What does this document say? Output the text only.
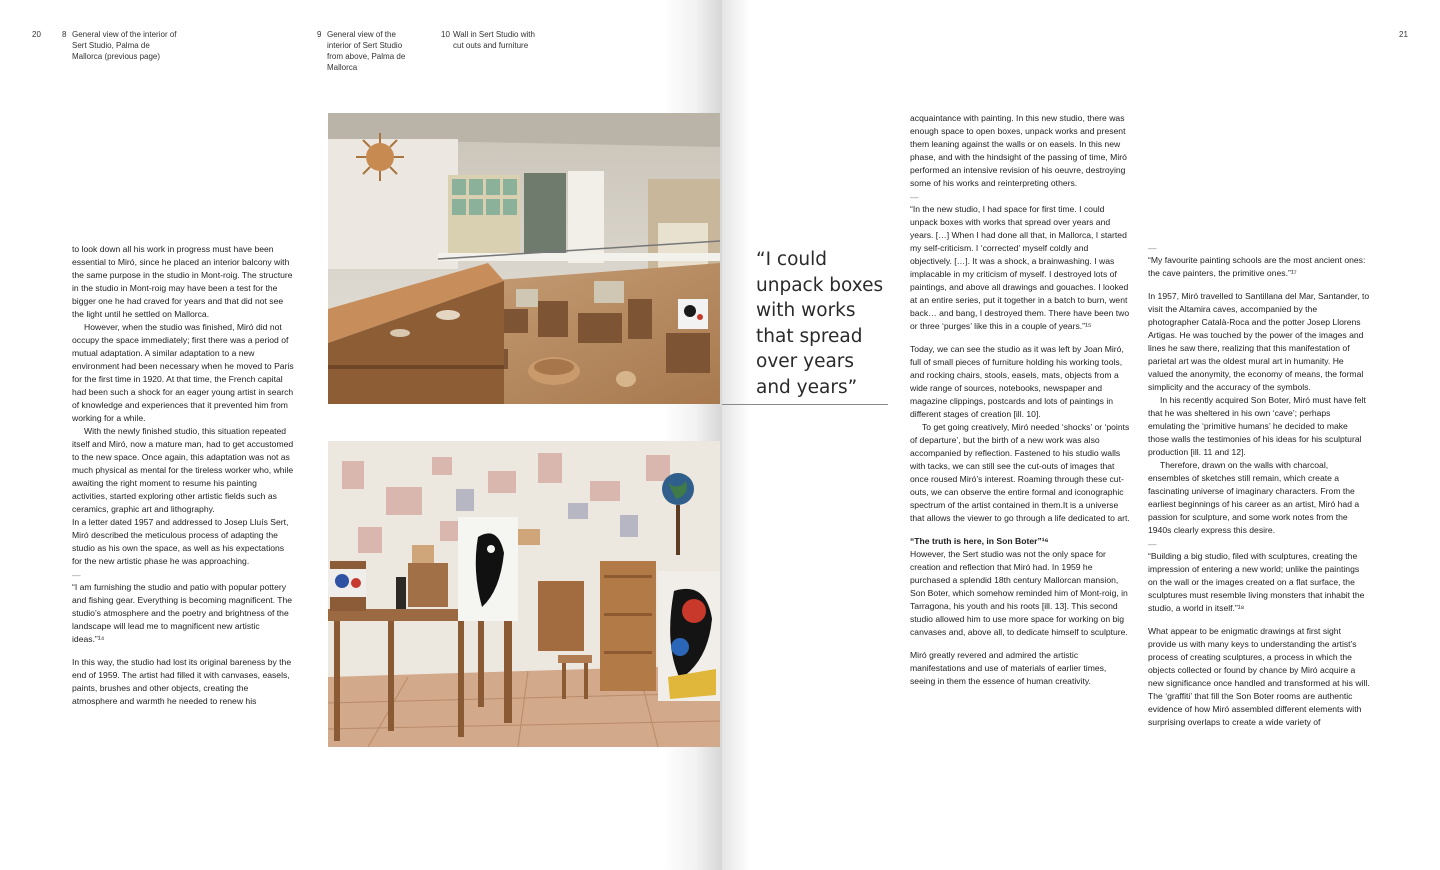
20	21
8 General view of the interior of Sert Studio, Palma de Mallorca (previous page)
9 General view of the interior of Sert Studio from above, Palma de Mallorca
10 Wall in Sert Studio with cut outs and furniture

to look down all his work in progress must have been essential to Miró, since he placed an interior balcony with the same purpose in the studio in Mont-roig. The structure in the studio in Mont-roig may have been a test for the bigger one he had craved for years and that did not see the light until he settled on Mallorca.

However, when the studio was finished, Miró did not occupy the space immediately; first there was a period of mutual adaptation. A similar adaptation to a new environment had been necessary when he moved to Paris for the first time in 1920. At that time, the French capital had been such a shock for an eager young artist in search of knowledge and experiences that it prevented him from working for a while.

With the newly finished studio, this situation repeated itself and Miró, now a mature man, had to get accustomed to the new space. Once again, this adaptation was not as much physical as mental for the tireless worker who, while awaiting the right moment to resume his painting activities, started exploring other artistic fields such as ceramics, graphic art and lithography.

In a letter dated 1957 and addressed to Josep Lluís Sert, Miró described the meticulous process of adapting the studio as his own the space, as well as his expectations for the new artistic phase he was approaching.

—

“I am furnishing the studio and patio with popular pottery and fishing gear. Everything is becoming magnificent. The studio’s atmosphere and the poetry and brightness of the landscape will lead me to magnificent new artistic ideas.”¹⁴

In this way, the studio had lost its original bareness by the end of 1959. The artist had filled it with canvases, easels, paints, brushes and other objects, creating the atmosphere and warmth he needed to renew his

“I could unpack boxes with works that spread over years and years”

acquaintance with painting. In this new studio, there was enough space to open boxes, unpack works and present them leaning against the walls or on easels. In this new phase, and with the hindsight of the passing of time, Miró performed an intensive revision of his oeuvre, destroying some of his works and reinterpreting others.

—

“In the new studio, I had space for first time. I could unpack boxes with works that spread over years and years. […] When I had done all that, in Mallorca, I started my self-criticism. I ‘corrected’ myself coldly and objectively. […]. It was a shock, a brainwashing. I was implacable in my criticism of myself. I destroyed lots of paintings, and above all drawings and gouaches. I looked at an entire series, put it together in a batch to burn, went back… and bang, I destroyed them. There have been two or three ‘purges’ like this in a couple of years.”¹⁵

Today, we can see the studio as it was left by Joan Miró, full of small pieces of furniture holding his working tools, and rocking chairs, stools, easels, mats, objects from a wide range of sources, notebooks, newspaper and magazine clippings, postcards and lots of paintings in different stages of creation [ill. 10].

To get going creatively, Miró needed ‘shocks’ or ‘points of departure’, but the birth of a new work was also accompanied by reflection. Fastened to his studio walls with tacks, we can still see the cut-outs of images that once roused Miró’s interest. Roaming through these cut-outs, we can observe the entire formal and iconographic spectrum of the artist contained in them.It is a universe that allows the viewer to go through a life dedicated to art.

“The truth is here, in Son Boter”¹⁶

However, the Sert studio was not the only space for creation and reflection that Miró had. In 1959 he purchased a splendid 18th century Mallorcan mansion, Son Boter, which somehow reminded him of Mont-roig, in Tarragona, his youth and his roots [ill. 13]. This second studio allowed him to use more space for working on big canvases and, above all, to dedicate himself to sculpture.

Miró greatly revered and admired the artistic manifestations and use of materials of earlier times, seeing in them the essence of human creativity.

—

“My favourite painting schools are the most ancient ones: the cave painters, the primitive ones.”¹⁷

In 1957, Miró travelled to Santillana del Mar, Santander, to visit the Altamira caves, accompanied by the photographer Català-Roca and the potter Josep Llorens Artigas. He was touched by the power of the images and lines he saw there, realizing that this manifestation of parietal art was the oldest mural art in humanity. He valued the anonymity, the economy of means, the formal simplicity and the accuracy of the symbols.

In his recently acquired Son Boter, Miró must have felt that he was sheltered in his own ‘cave’; perhaps emulating the ‘primitive humans’ he decided to make those walls the testimonies of his ideas for his sculptural production [ill. 11 and 12].

Therefore, drawn on the walls with charcoal, ensembles of sketches still remain, which create a fascinating universe of imaginary characters. From the earliest beginnings of his career as an artist, Miró had a passion for sculpture, and some work notes from the 1940s clearly express this desire.

—

“Building a big studio, filed with sculptures, creating the impression of entering a new world; unlike the paintings on the wall or the images created on a flat surface, the sculptures must resemble living monsters that inhabit the studio, a world in itself.”¹⁸

What appear to be enigmatic drawings at first sight provide us with many keys to understanding the artist’s process of creating sculptures, a process in which the objects collected or found by chance by Miró acquire a new significance once handled and transformed at his will.

The ‘graffiti’ that fill the Son Boter rooms are authentic evidence of how Miró assembled different elements with surprising overlaps to create a wide variety of
